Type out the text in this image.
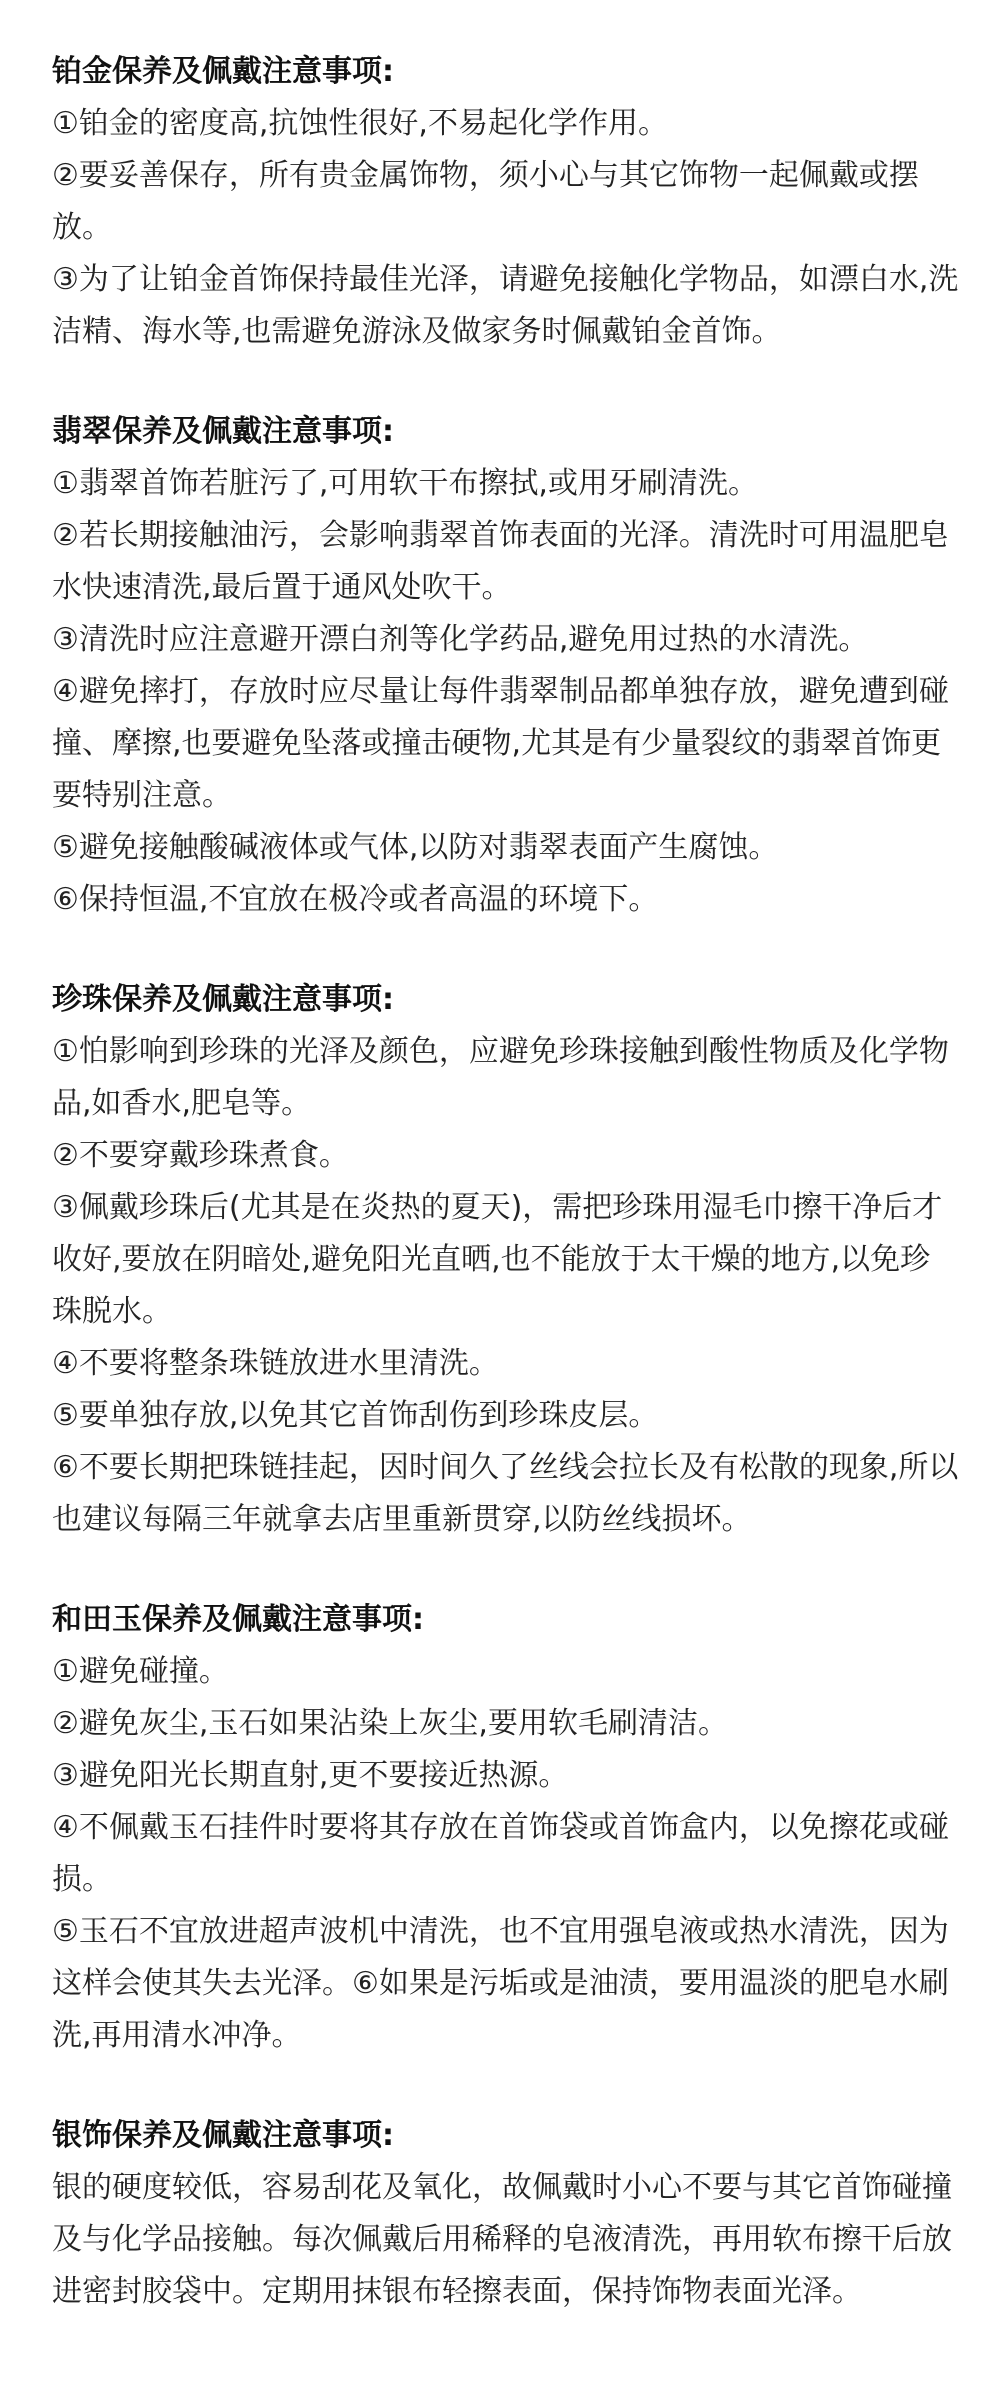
铂金保养及佩戴注意事项:

①铂金的密度高,抗蚀性很好,不易起化学作用。

②要妥善保存，所有贵金属饰物，须小心与其它饰物一起佩戴或摆放。

③为了让铂金首饰保持最佳光泽，请避免接触化学物品，如漂白水,洗洁精、海水等,也需避免游泳及做家务时佩戴铂金首饰。

翡翠保养及佩戴注意事项:

①翡翠首饰若脏污了,可用软干布擦拭,或用牙刷清洗。

②若长期接触油污，会影响翡翠首饰表面的光泽。清洗时可用温肥皂水快速清洗,最后置于通风处吹干。

③清洗时应注意避开漂白剂等化学药品,避免用过热的水清洗。

④避免摔打，存放时应尽量让每件翡翠制品都单独存放，避免遭到碰撞、摩擦,也要避免坠落或撞击硬物,尤其是有少量裂纹的翡翠首饰更要特别注意。

⑤避免接触酸碱液体或气体,以防对翡翠表面产生腐蚀。

⑥保持恒温,不宜放在极冷或者高温的环境下。

珍珠保养及佩戴注意事项:

①怕影响到珍珠的光泽及颜色，应避免珍珠接触到酸性物质及化学物品,如香水,肥皂等。

②不要穿戴珍珠煮食。

③佩戴珍珠后(尤其是在炎热的夏天)，需把珍珠用湿毛巾擦干净后才收好,要放在阴暗处,避免阳光直晒,也不能放于太干燥的地方,以免珍珠脱水。

④不要将整条珠链放进水里清洗。

⑤要单独存放,以免其它首饰刮伤到珍珠皮层。

⑥不要长期把珠链挂起，因时间久了丝线会拉长及有松散的现象,所以也建议每隔三年就拿去店里重新贯穿,以防丝线损坏。

和田玉保养及佩戴注意事项:

①避免碰撞。

②避免灰尘,玉石如果沾染上灰尘,要用软毛刷清洁。

③避免阳光长期直射,更不要接近热源。

④不佩戴玉石挂件时要将其存放在首饰袋或首饰盒内，以免擦花或碰损。

⑤玉石不宜放进超声波机中清洗，也不宜用强皂液或热水清洗，因为这样会使其失去光泽。⑥如果是污垢或是油渍，要用温淡的肥皂水刷洗,再用清水冲净。

银饰保养及佩戴注意事项:

银的硬度较低，容易刮花及氧化，故佩戴时小心不要与其它首饰碰撞及与化学品接触。每次佩戴后用稀释的皂液清洗，再用软布擦干后放进密封胶袋中。定期用抹银布轻擦表面，保持饰物表面光泽。
